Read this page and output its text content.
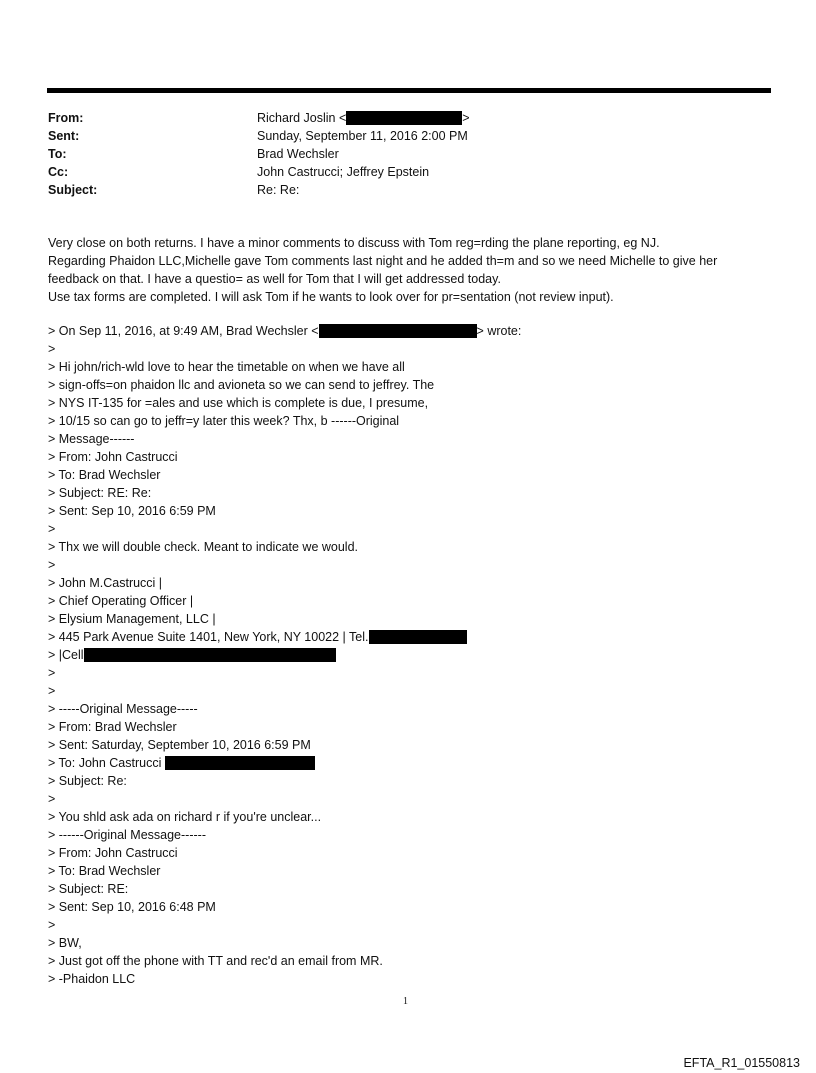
From:	Richard Joslin <	>
Sent:	Sunday, September 11, 2016 2:00 PM
To:	Brad Wechsler
Cc:	John Castrucci; Jeffrey Epstein
Subject:	Re: Re:
Very close on both returns. I have a minor comments to discuss with Tom reg=rding the plane reporting, eg NJ.
Regarding Phaidon LLC,Michelle gave Tom comments last night and he added th=m and so we need Michelle to give her
feedback on that. I have a questio= as well for Tom that I will get addressed today.
Use tax forms are completed. I will ask Tom if he wants to look over for pr=sentation (not review input).
> On Sep 11, 2016, at 9:49 AM, Brad Wechsler <	> wrote:
>
> Hi john/rich-wld love to hear the timetable on when we have all
> sign-offs=on phaidon llc and avioneta so we can send to jeffrey. The
> NYS IT-135 for =ales and use which is complete is due, I presume,
> 10/15 so can go to jeffr=y later this week? Thx, b ------Original
> Message------
> From: John Castrucci
> To: Brad Wechsler
> Subject: RE: Re:
> Sent: Sep 10, 2016 6:59 PM
>
> Thx we will double check. Meant to indicate we would.
>
> John M.Castrucci |
> Chief Operating Officer |
> Elysium Management, LLC |
> 445 Park Avenue Suite 1401, New York, NY 10022 | Tel.
> |Cell
>
>
> -----Original Message-----
> From: Brad Wechsler
> Sent: Saturday, September 10, 2016 6:59 PM
> To: John Castrucci
> Subject: Re:
>
> You shld ask ada on richard r if you're unclear...
> ------Original Message------
> From: John Castrucci
> To: Brad Wechsler
> Subject: RE:
> Sent: Sep 10, 2016 6:48 PM
>
> BW,
> Just got off the phone with TT and rec'd an email from MR.
> -Phaidon LLC
1
EFTA_R1_01550813
